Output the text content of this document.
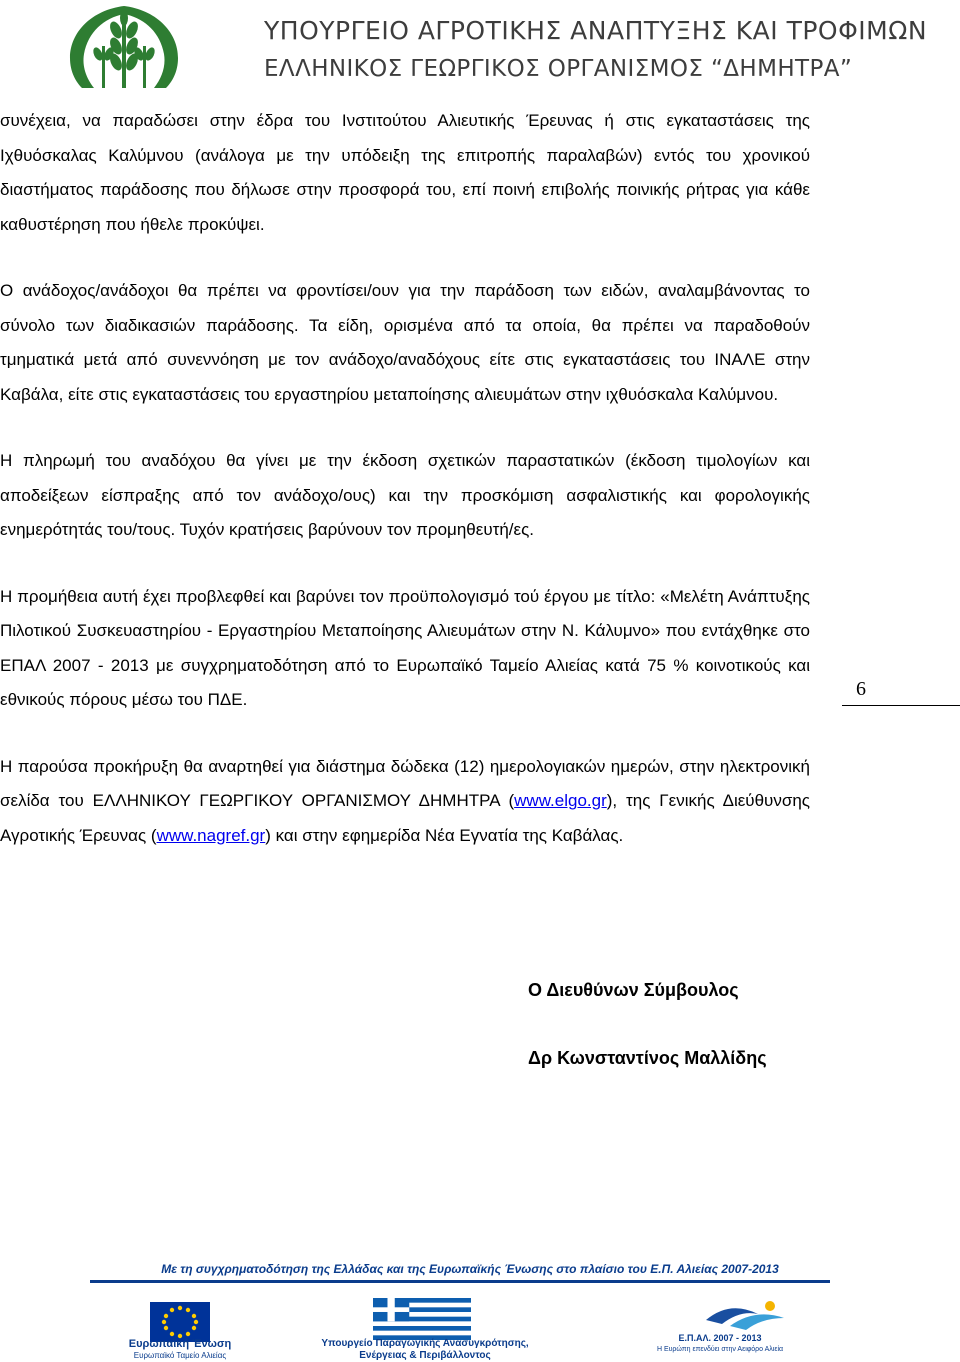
ΥΠΟΥΡΓΕΙΟ ΑΓΡΟΤΙΚΗΣ ΑΝΑΠΤΥΞΗΣ ΚΑΙ ΤΡΟΦΙΜΩΝ
ΕΛΛΗΝΙΚΟΣ ΓΕΩΡΓΙΚΟΣ ΟΡΓΑΝΙΣΜΟΣ “ΔΗΜΗΤΡΑ”

συνέχεια, να παραδώσει στην έδρα του Ινστιτούτου Αλιευτικής Έρευνας ή στις εγκαταστάσεις της Ιχθυόσκαλας Καλύμνου (ανάλογα με την υπόδειξη της επιτροπής παραλαβών) εντός του χρονικού διαστήματος παράδοσης που δήλωσε στην προσφορά του, επί ποινή επιβολής ποινικής ρήτρας για κάθε καθυστέρηση που ήθελε προκύψει.

Ο ανάδοχος/ανάδοχοι θα πρέπει να φροντίσει/ουν για την παράδοση των ειδών, αναλαμβάνοντας το σύνολο των διαδικασιών παράδοσης. Τα είδη, ορισμένα από τα οποία, θα πρέπει να παραδοθούν τμηματικά μετά από συνεννόηση με τον ανάδοχο/αναδόχους είτε στις εγκαταστάσεις του ΙΝΑΛΕ στην Καβάλα, είτε στις εγκαταστάσεις του εργαστηρίου μεταποίησης αλιευμάτων στην ιχθυόσκαλα Καλύμνου.

Η πληρωμή του αναδόχου θα γίνει με την έκδοση σχετικών παραστατικών (έκδοση τιμολογίων και αποδείξεων είσπραξης από τον ανάδοχο/ους) και την προσκόμιση ασφαλιστικής και φορολογικής ενημερότητάς του/τους. Τυχόν κρατήσεις βαρύνουν τον προμηθευτή/ες.

Η προμήθεια αυτή έχει προβλεφθεί και βαρύνει τον προϋπολογισμό τού έργου με τίτλο: «Μελέτη Ανάπτυξης Πιλοτικού Συσκευαστηρίου - Εργαστηρίου Μεταποίησης Αλιευμάτων στην Ν. Κάλυμνο» που εντάχθηκε στο ΕΠΑΛ 2007 - 2013 με συγχρηματοδότηση από το Ευρωπαϊκό Ταμείο Αλιείας κατά 75 % κοινοτικούς και εθνικούς πόρους μέσω του ΠΔΕ.

Η παρούσα προκήρυξη θα αναρτηθεί για διάστημα δώδεκα (12) ημερολογιακών ημερών, στην ηλεκτρονική σελίδα του ΕΛΛΗΝΙΚΟΥ ΓΕΩΡΓΙΚΟΥ ΟΡΓΑΝΙΣΜΟΥ ΔΗΜΗΤΡΑ (www.elgo.gr), της Γενικής Διεύθυνσης Αγροτικής Έρευνας (www.nagref.gr) και στην εφημερίδα Νέα Εγνατία της Καβάλας.

Ο Διευθύνων Σύμβουλος
Δρ Κωνσταντίνος Μαλλίδης
6
Με τη συγχρηματοδότηση της Ελλάδας και της Ευρωπαϊκής Ένωσης στο πλαίσιο του Ε.Π. Αλιείας 2007-2013
Ευρωπαϊκή Ένωση
Ευρωπαϊκό Ταμείο Αλιείας
Υπουργείο Παραγωγικής Ανασυγκρότησης, Ενέργειας & Περιβάλλοντος
Ε.Π.ΑΛ. 2007 - 2013
Η Ευρώπη επενδύει στην Αειφόρο Αλιεία
